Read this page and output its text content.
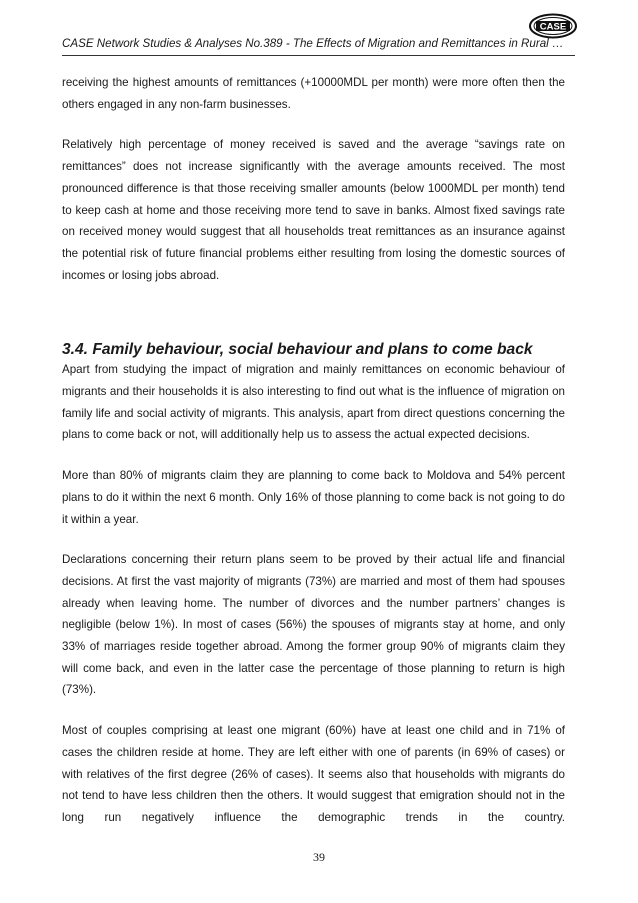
CASE Network Studies & Analyses No.389 - The Effects of Migration and Remittances in Rural …
CASE

receiving the highest amounts of remittances (+10000MDL per month) were more often then the others engaged in any non-farm businesses.

Relatively high percentage of money received is saved and the average “savings rate on remittances” does not increase significantly with the average amounts received. The most pronounced difference is that those receiving smaller amounts (below 1000MDL per month) tend to keep cash at home and those receiving more tend to save in banks. Almost fixed savings rate on received money would suggest that all households treat remittances as an insurance against the potential risk of future financial problems either resulting from losing the domestic sources of incomes or losing jobs abroad.

3.4. Family behaviour, social behaviour and plans to come back

Apart from studying the impact of migration and mainly remittances on economic behaviour of migrants and their households it is also interesting to find out what is the influence of migration on family life and social activity of migrants. This analysis, apart from direct questions concerning the plans to come back or not, will additionally help us to assess the actual expected decisions.

More than 80% of migrants claim they are planning to come back to Moldova and 54% percent plans to do it within the next 6 month. Only 16% of those planning to come back is not going to do it within a year.

Declarations concerning their return plans seem to be proved by their actual life and financial decisions. At first the vast majority of migrants (73%) are married and most of them had spouses already when leaving home. The number of divorces and the number partners’ changes is negligible (below 1%). In most of cases (56%) the spouses of migrants stay at home, and only 33% of marriages reside together abroad. Among the former group 90% of migrants claim they will come back, and even in the latter case the percentage of those planning to return is high (73%).

Most of couples comprising at least one migrant (60%) have at least one child and in 71% of cases the children reside at home. They are left either with one of parents (in 69% of cases) or with relatives of the first degree (26% of cases). It seems also that households with migrants do not tend to have less children then the others. It would suggest that emigration should not in the long run negatively influence the demographic trends in the country.

39
